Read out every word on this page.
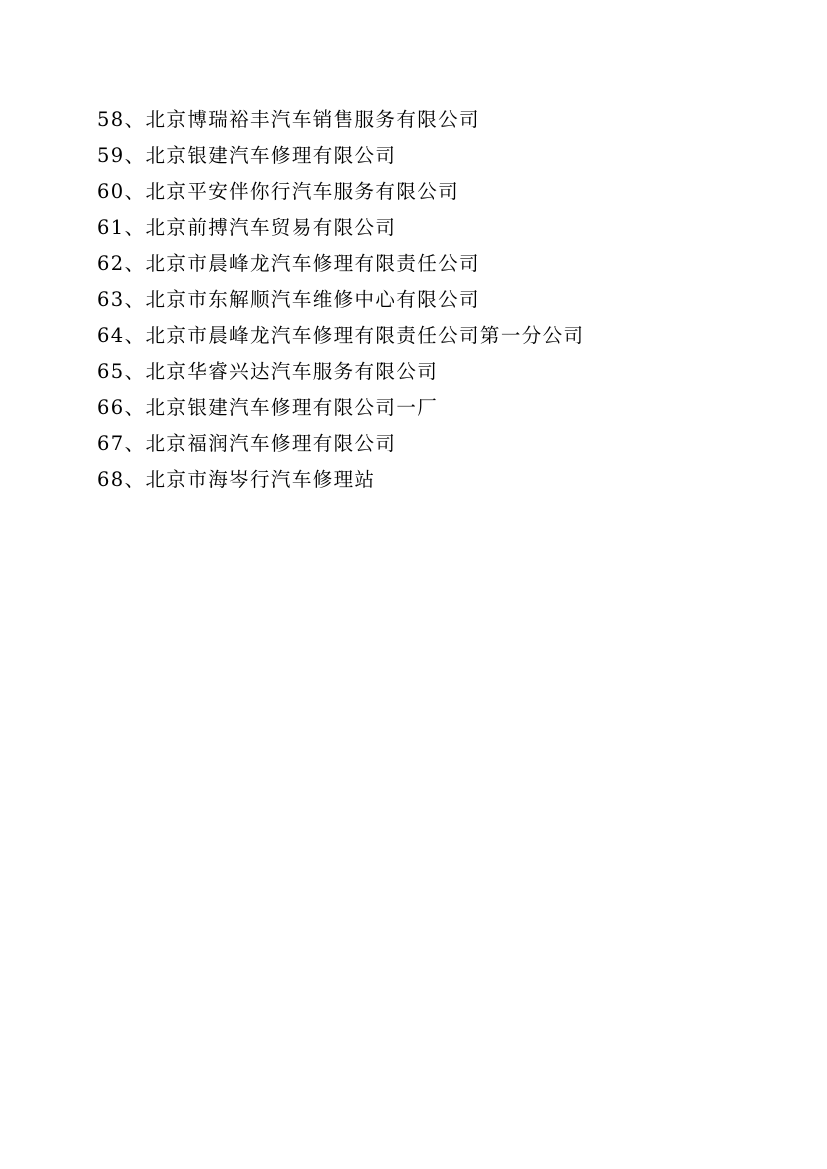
58、北京博瑞裕丰汽车销售服务有限公司
59、北京银建汽车修理有限公司
60、北京平安伴你行汽车服务有限公司
61、北京前搏汽车贸易有限公司
62、北京市晨峰龙汽车修理有限责任公司
63、北京市东解顺汽车维修中心有限公司
64、北京市晨峰龙汽车修理有限责任公司第一分公司
65、北京华睿兴达汽车服务有限公司
66、北京银建汽车修理有限公司一厂
67、北京福润汽车修理有限公司
68、北京市海岑行汽车修理站
